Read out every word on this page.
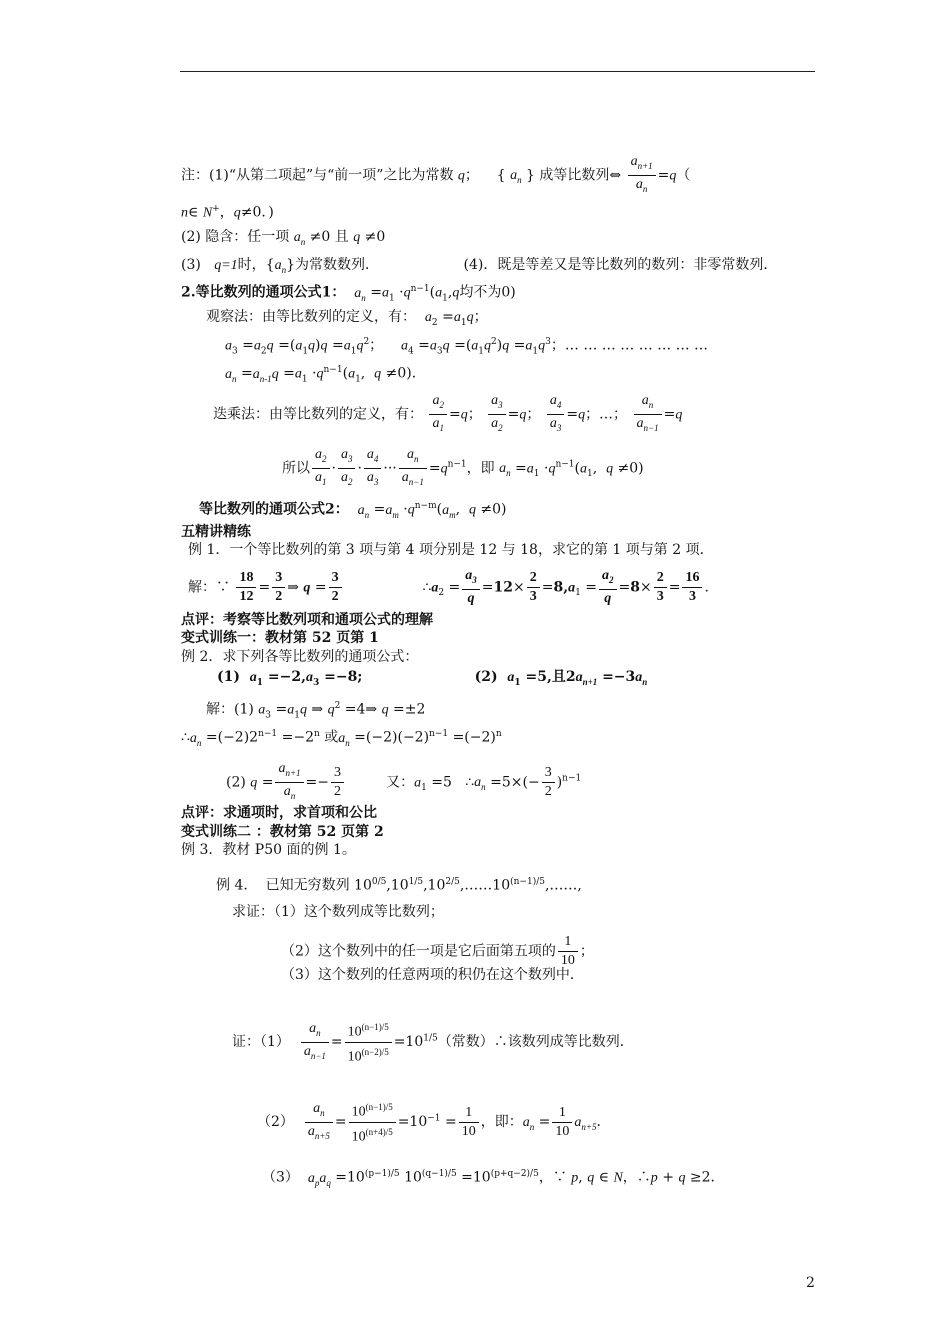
注：(1)“从第二项起”与“前一项”之比为常数 q；    { $a_n$ } 成等比数列⇔ $\frac{a_{n+1}}{a_n} =q$（
n∈ N+，q≠0．)
(2) 隐含：任一项 $a_n \ne 0$ 且 q ≠0
(3)   q=1时，$\{a_n\}$为常数数列．                   (4)．既是等差又是等比数列的数列：非零常数列．
2.等比数列的通项公式1： $a_n =a_1 \cdot q^{n-1}(a_1,q$均不为0)
观察法：由等比数列的定义，有：  $a_2 =a_1q$；
$a_3 =a_2q =(a_1q)q =a_1q^2$；    $a_4 =a_3q =(a_1q^2)q =a_1q^3$；… … … … … … … …
$a_n =a_{n-1}q =a_1 \cdot q^{n-1}(a_1$,  q ≠0)．
迭乘法：由等比数列的定义，有： $\frac{a_2}{a_1} =q$； $\frac{a_3}{a_2} =q$； $\frac{a_4}{a_3} =q$；…； $\frac{a_n}{a_{n-1}} =q$
所以 $\frac{a_2}{a_1} \cdot \frac{a_3}{a_2} \cdot \frac{a_4}{a_3}$ ··· $\frac{a_n}{a_{n-1}} =q^{n-1}$，即 $a_n =a_1 \cdot q^{n-1}(a_1$,  q ≠0)
等比数列的通项公式2： $a_n =a_m \cdot q^{n-m}(a_m$,  q ≠0)
五精讲精练
例 1．一个等比数列的第 3 项与第 4 项分别是 12 与 18，求它的第 1 项与第 2 项．
解：∵ $\frac{18}{12} = \frac{3}{2}$ ⇒ $q = \frac{3}{2}$	$\therefore a_2 = \frac{a_3}{q} =12\times \frac{2}{3} =8,a_1 = \frac{a_2}{q} =8\times \frac{2}{3} = \frac{16}{3}$ .
点评：考察等比数列项和通项公式的理解
变式训练一：教材第 52 页第 1
例 2．求下列各等比数列的通项公式：
(1)  $a_1 =-2,a_3 =-8$;                       (2)  $a_1 =5$,且$2a_{n+1} =-3a_n$
解：(1) $a_3 =a_1q$ ⇒ $q^2$ =4⇒ q =±2
$\therefore a_n =(-2)2^{n-1} =-2^n$ 或$a_n =(-2)(-2)^{n-1} =(-2)^n$
(2) $q = \frac{a_{n+1}}{a_n} =- \frac{3}{2}$ 又：$a_1 =5$   $\therefore a_n =5\times(- \frac{3}{2} )^{n-1}$
点评：求通项时，求首项和公比
变式训练二 ：教材第 52 页第 2
例 3．教材 P50 面的例 1。
例 4.    已知无穷数列 $10^{0/5},10^{1/5},10^{2/5},\dots\dots 10^{(n-1)/5},\dots\dots$,
求证：（1）这个数列成等比数列；
（2）这个数列中的任一项是它后面第五项的 $\frac{1}{10}$ ；
（3）这个数列的任意两项的积仍在这个数列中．
证：$(1) \frac{a_n}{a_{n-1}} = \frac{10^{(n-1)/5}}{10^{(n-2)/5}} =10^{1/5}$（常数）∴该数列成等比数列．
$(2) \frac{a_n}{a_{n+5}} = \frac{10^{(n-1)/5}}{10^{(n+4)/5}} =10^{-1} = \frac{1}{10}$ ，即：$a_n = \frac{1}{10} a_{n+5}$．
（3）  $a_pa_q =10^{(p-1)/5}$ $10^{(q-1)/5} =10^{(p+q-2)/5}$，∵ p, q ∈ N，∴p + q ≥2．
2
